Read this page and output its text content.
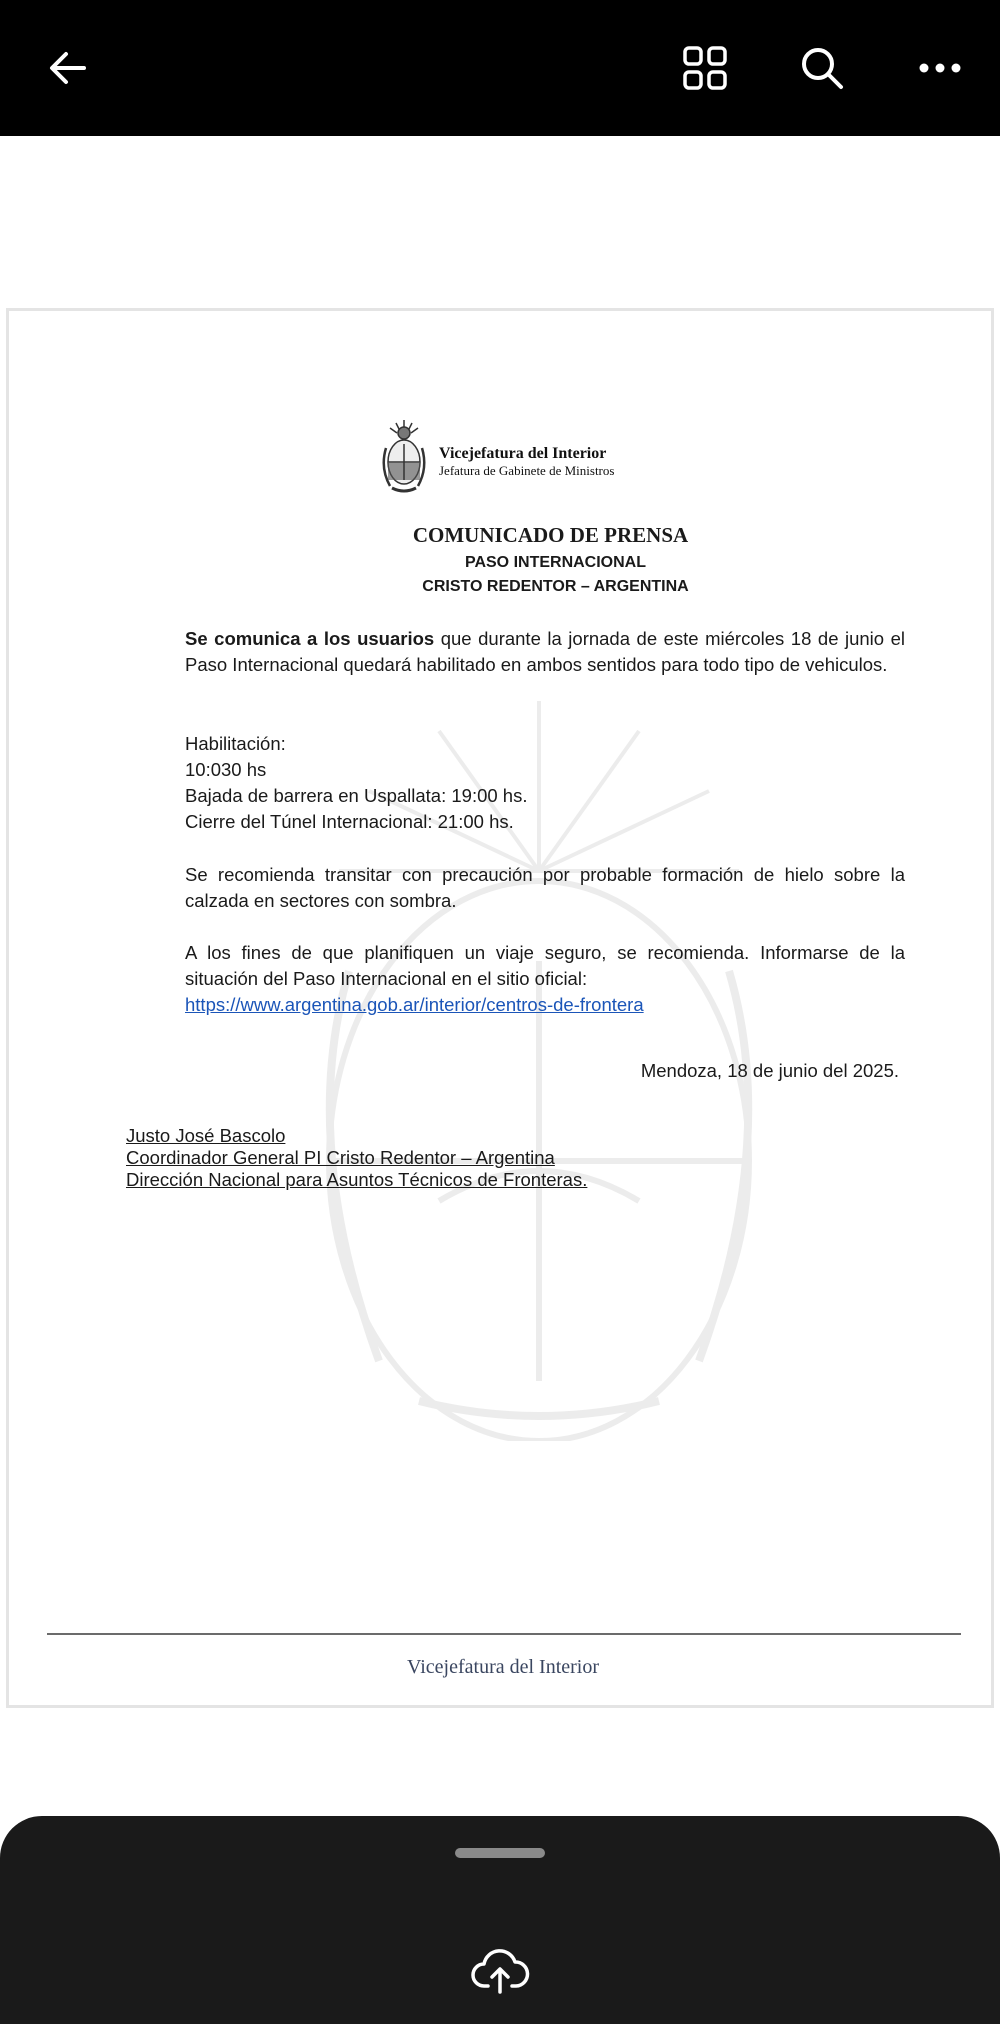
Vicejefatura del Interior
Jefatura de Gabinete de Ministros
COMUNICADO DE PRENSA
PASO INTERNACIONAL
CRISTO REDENTOR – ARGENTINA
Se comunica a los usuarios que durante la jornada de este miércoles 18 de junio el Paso Internacional quedará habilitado en ambos sentidos para todo tipo de vehiculos.
Habilitación:
10:030 hs
Bajada de barrera en Uspallata: 19:00 hs.
Cierre del Túnel Internacional: 21:00 hs.
Se recomienda transitar con precaución por probable formación de hielo sobre la calzada en sectores con sombra.
A los fines de que planifiquen un viaje seguro, se recomienda. Informarse de la situación del Paso Internacional en el sitio oficial:
https://www.argentina.gob.ar/interior/centros-de-frontera
Mendoza, 18 de junio del 2025.
Justo José Bascolo
Coordinador General PI Cristo Redentor – Argentina
Dirección Nacional para Asuntos Técnicos de Fronteras.
Vicejefatura del Interior
